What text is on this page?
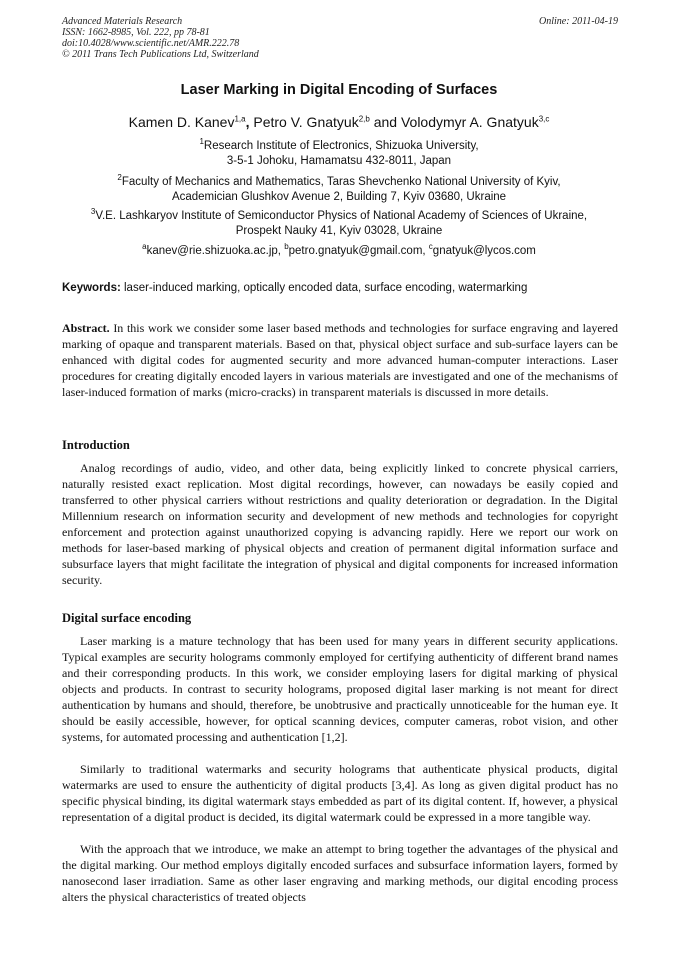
Advanced Materials Research
ISSN: 1662-8985, Vol. 222, pp 78-81
doi:10.4028/www.scientific.net/AMR.222.78
© 2011 Trans Tech Publications Ltd, Switzerland
Online: 2011-04-19
Laser Marking in Digital Encoding of Surfaces
Kamen D. Kanev$^{1,a}$, Petro V. Gnatyuk$^{2,b}$ and Volodymyr A. Gnatyuk$^{3,c}$
$^1$Research Institute of Electronics, Shizuoka University,
3-5-1 Johoku, Hamamatsu 432-8011, Japan
$^2$Faculty of Mechanics and Mathematics, Taras Shevchenko National University of Kyiv,
Academician Glushkov Avenue 2, Building 7, Kyiv 03680, Ukraine
$^3$V.E. Lashkaryov Institute of Semiconductor Physics of National Academy of Sciences of Ukraine,
Prospekt Nauky 41, Kyiv 03028, Ukraine
$^a$kanev@rie.shizuoka.ac.jp, $^b$petro.gnatyuk@gmail.com, $^c$gnatyuk@lycos.com
Keywords: laser-induced marking, optically encoded data, surface encoding, watermarking

Abstract. In this work we consider some laser based methods and technologies for surface engraving and layered marking of opaque and transparent materials. Based on that, physical object surface and sub-surface layers can be enhanced with digital codes for augmented security and more advanced human-computer interactions. Laser procedures for creating digitally encoded layers in various materials are investigated and one of the mechanisms of laser-induced formation of marks (micro-cracks) in transparent materials is discussed in more details.

Introduction

Analog recordings of audio, video, and other data, being explicitly linked to concrete physical carriers, naturally resisted exact replication. Most digital recordings, however, can nowadays be easily copied and transferred to other physical carriers without restrictions and quality deterioration or degradation. In the Digital Millennium research on information security and development of new methods and technologies for copyright enforcement and protection against unauthorized copying is advancing rapidly. Here we report our work on methods for laser-based marking of physical objects and creation of permanent digital information surface and subsurface layers that might facilitate the integration of physical and digital components for increased information security.

Digital surface encoding

Laser marking is a mature technology that has been used for many years in different security applications. Typical examples are security holograms commonly employed for certifying authenticity of different brand names and their corresponding products. In this work, we consider employing lasers for digital marking of physical objects and products. In contrast to security holograms, proposed digital laser marking is not meant for direct authentication by humans and should, therefore, be unobtrusive and practically unnoticeable for the human eye. It should be easily accessible, however, for optical scanning devices, computer cameras, robot vision, and other systems, for automated processing and authentication [1,2].

Similarly to traditional watermarks and security holograms that authenticate physical products, digital watermarks are used to ensure the authenticity of digital products [3,4]. As long as given digital product has no specific physical binding, its digital watermark stays embedded as part of its digital content. If, however, a physical representation of a digital product is decided, its digital watermark could be expressed in a more tangible way.

With the approach that we introduce, we make an attempt to bring together the advantages of the physical and the digital marking. Our method employs digitally encoded surfaces and subsurface information layers, formed by nanosecond laser irradiation. Same as other laser engraving and marking methods, our digital encoding process alters the physical characteristics of treated objects
